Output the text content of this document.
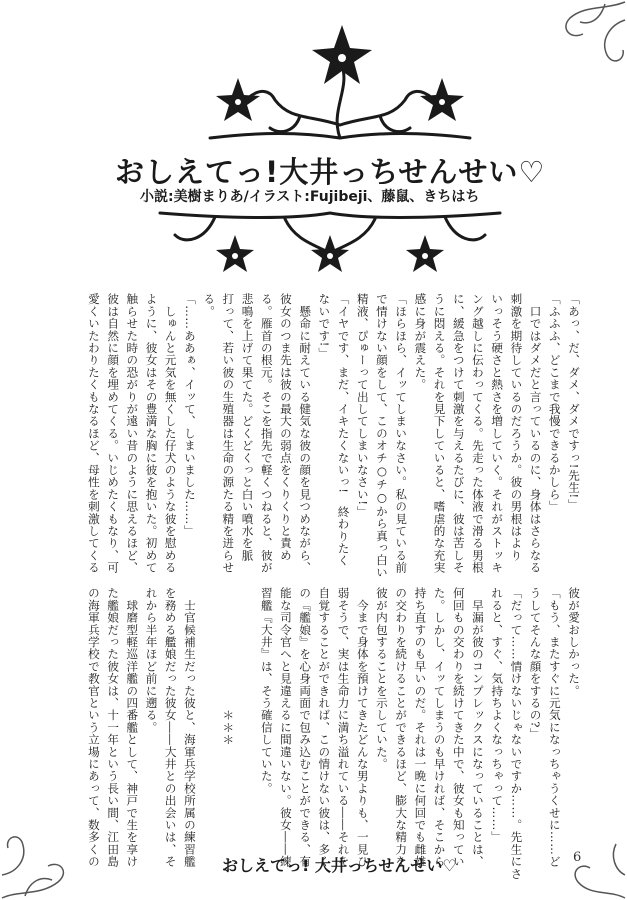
おしえてっ!大井っちせんせい♡
小説:美樹まりあ/イラスト:Fujibeji、藤鼠、きちはち
「あっ、だ、ダメ、ダメですっ!先生!」
「ふふふ、どこまで我慢できるかしら」
　口ではダメだと言っているのに、身体はさらなる
刺激を期待しているのだろうか。彼の男根はより
いっそう硬さと熱さを増していく。それがストッキ
ング越しに伝わってくる。先走った体液で滑る男根
に、緩急をつけて刺激を与えるたびに、彼は苦しそ
うに悶える。それを見下していると、嗜虐的な充実
感に身が震えた。
「ほらほら、イッてしまいなさい。私の見ている前
で情けない顔をして、このオチ○チ○から真っ白い
精液、ぴゅーって出してしまいなさい!」
「イヤです、まだ、イキたくないっ!　終わりたく
ないです!」
　懸命に耐えている健気な彼の顔を見つめながら、
彼女のつま先は彼の最大の弱点をくりくりと責め
る。雁首の根元。そこを指先で軽くつねると、彼が
悲鳴を上げて果てた。どくどくっと白い噴水を脈
打って、若い彼の生殖器は生命の源たる精を迸らせ
る。
「……ああぁ、イッて、しまいました……」
　しゅんと元気を無くした仔犬のような彼を慰める
ように、彼女はその豊満な胸に彼を抱いた。初めて
触らせた時の恐がりが遠い昔のように思えるほど、
彼は自然に顔を埋めてくる。いじめたくもなり、可
愛くいたわりたくもなるほど、母性を刺激してくる
彼が愛おしかった。
「もう、またすぐに元気になっちゃうくせに……ど
うしてそんな顔をするの?」
「だって……情けないじゃないですか……。先生にさ
れると、すぐ、気持ちよくなっちゃって……」
　早漏が彼のコンプレックスになっていることは、
何回もの交わりを続けてきた中で、彼女も知ってい
た。しかし、イッてしまうのも早ければ、そこから
持ち直すのも早いのだ。それは一晩に何回でも雌雄
の交わりを続けることができるほど、膨大な精力を
彼が内包することを示していた。
　今まで身体を預けてきたどんな男よりも、一見ひ
弱そうで、実は生命力に満ち溢れている――それを
自覚することができれば、この情けない彼は、多く
の『艦娘』を心身両面で包み込むことができる、有
能な司令官へと見違えるに間違いない。彼女――練
習艦『大井』は、そう確信していた。

　　　　　　　　　　＊＊＊

　士官候補生だった彼と、海軍兵学校所属の練習艦
を務める艦娘だった彼女――大井との出会いは、そ
れから半年ほど前に遡る。
　球磨型軽巡洋艦の四番艦として、神戸で生を享け
た艦娘だった彼女は、十一年という長い間、江田島
の海軍兵学校で教官という立場にあって、数多くの	おしえてっ! 大井っちせんせい♡	6
